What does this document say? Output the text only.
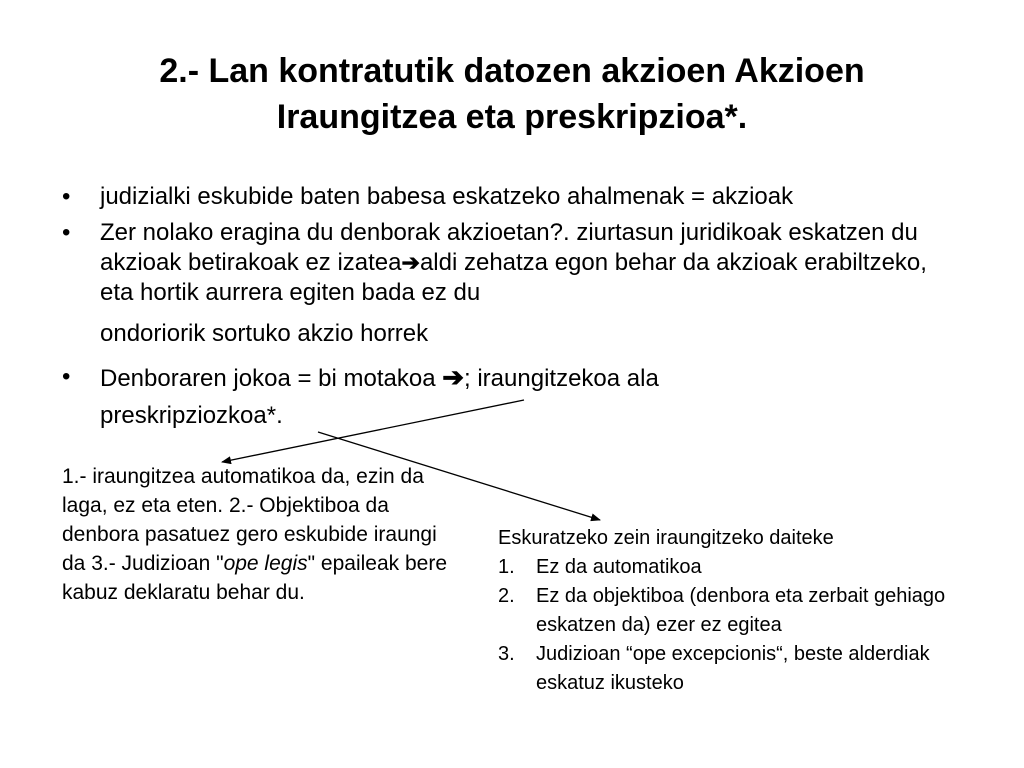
2.- Lan kontratutik datozen akzioen Akzioen
Iraungitzea eta preskripzioa*.
• judizialki eskubide baten babesa eskatzeko ahalmenak = akzioak
• Zer nolako eragina du denborak akzioetan?. ziurtasun juridikoak eskatzen du akzioak betirakoak ez izatea➔aldi zehatza egon behar da akzioak erabiltzeko, eta hortik aurrera egiten bada ez du
ondoriorik sortuko akzio horrek
• Denboraren jokoa = bi motakoa ➔; iraungitzekoa ala
preskripziozkoa*.
1.- iraungitzea automatikoa da, ezin da laga, ez eta eten. 2.- Objektiboa da denbora pasatuez gero eskubide iraungi da 3.- Judizioan "ope legis" epaileak bere kabuz deklaratu behar du.
Eskuratzeko zein iraungitzeko daiteke
1. Ez da automatikoa
2. Ez da objektiboa (denbora eta zerbait gehiago eskatzen da) ezer ez egitea
3. Judizioan “ope excepcionis“, beste alderdiak eskatuz ikusteko
